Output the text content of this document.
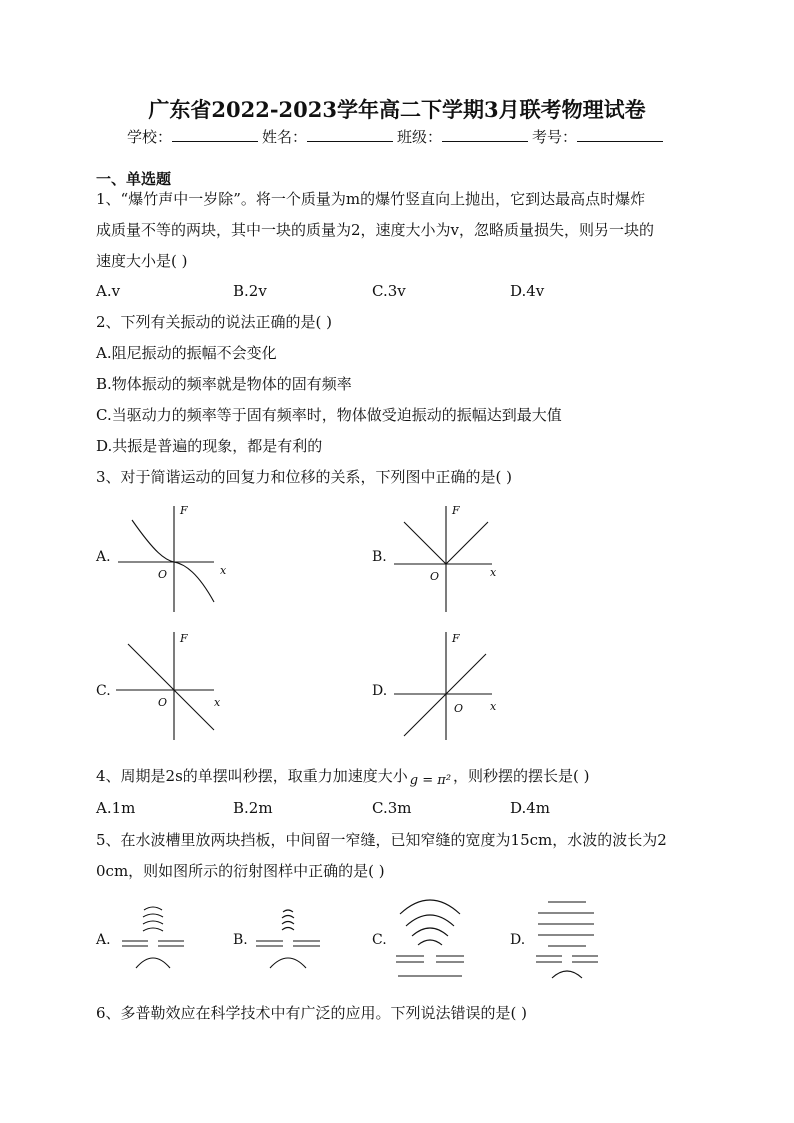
广东省2022-2023学年高二下学期3月联考物理试卷
学校：	姓名：	班级：	考号：
一、单选题
1、“爆竹声中一岁除”。将一个质量为m的爆竹竖直向上抛出，它到达最高点时爆炸
成质量不等的两块，其中一块的质量为2，速度大小为v，忽略质量损失，则另一块的
速度大小是( )
A.v	B.2v	C.3v	D.4v
2、下列有关振动的说法正确的是( )
A.阻尼振动的振幅不会变化
B.物体振动的频率就是物体的固有频率
C.当驱动力的频率等于固有频率时，物体做受迫振动的振幅达到最大值
D.共振是普遍的现象，都是有利的
3、对于简谐运动的回复力和位移的关系，下列图中正确的是( )
A.
F
x
O
B.
F
x
O
C.
F
x
O
D.
F
x
O
4、周期是2s的单摆叫秒摆，取重力加速度大小 g = π² ，则秒摆的摆长是( )
A.1m	B.2m	C.3m	D.4m
5、在水波槽里放两块挡板，中间留一窄缝，已知窄缝的宽度为15cm，水波的波长为2
0cm，则如图所示的衍射图样中正确的是( )
A.	B.	C.	D.
6、多普勒效应在科学技术中有广泛的应用。下列说法错误的是( )
